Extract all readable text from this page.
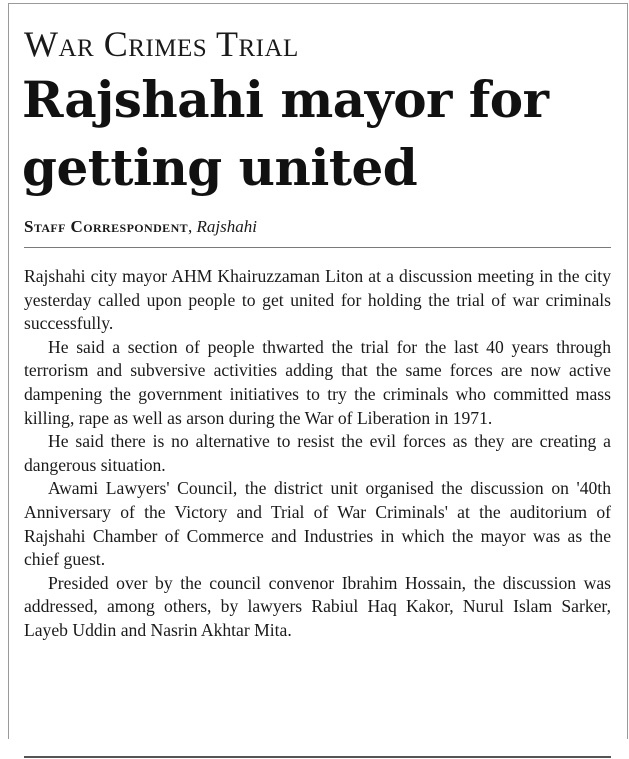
War Crimes Trial
Rajshahi mayor for
getting united
Staff Correspondent, Rajshahi

Rajshahi city mayor AHM Khairuzzaman Liton at a discussion meeting in the city yesterday called upon people to get united for holding the trial of war criminals successfully.

He said a section of people thwarted the trial for the last 40 years through terrorism and subversive activities adding that the same forces are now active dampening the government initiatives to try the criminals who committed mass killing, rape as well as arson during the War of Liberation in 1971.

He said there is no alternative to resist the evil forces as they are creating a dangerous situation.

Awami Lawyers' Council, the district unit organised the discussion on '40th Anniversary of the Victory and Trial of War Criminals' at the auditorium of Rajshahi Chamber of Commerce and Industries in which the mayor was as the chief guest.

Presided over by the council convenor Ibrahim Hossain, the discussion was addressed, among others, by lawyers Rabiul Haq Kakor, Nurul Islam Sarker, Layeb Uddin and Nasrin Akhtar Mita.
